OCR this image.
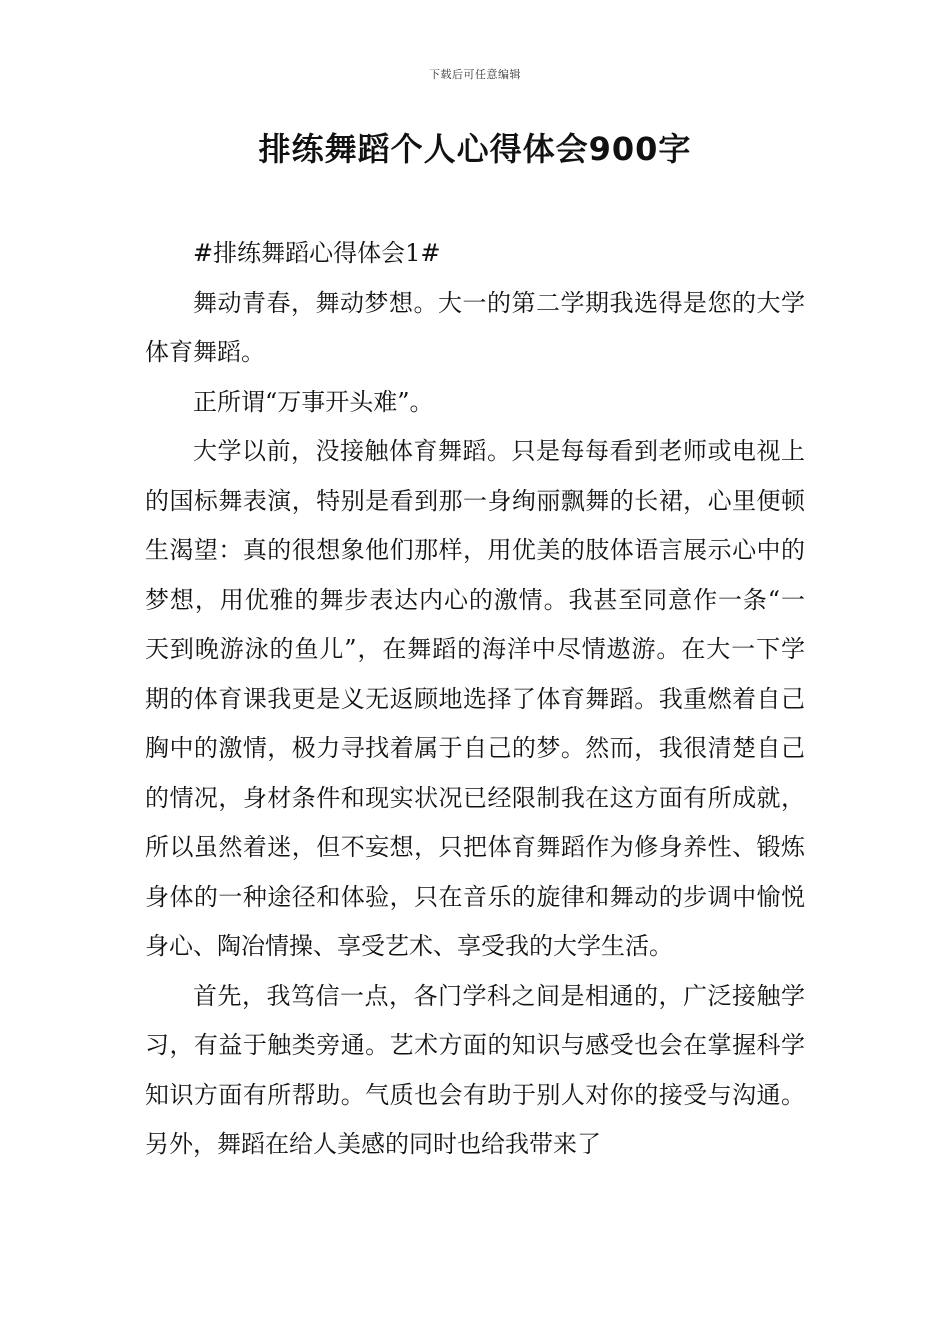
下载后可任意编辑
排练舞蹈个人心得体会900字

#排练舞蹈心得体会1#

舞动青春，舞动梦想。大一的第二学期我选得是您的大学体育舞蹈。

正所谓“万事开头难”。

大学以前，没接触体育舞蹈。只是每每看到老师或电视上的国标舞表演，特别是看到那一身绚丽飘舞的长裙，心里便顿生渴望：真的很想象他们那样，用优美的肢体语言展示心中的梦想，用优雅的舞步表达内心的激情。我甚至同意作一条“一天到晚游泳的鱼儿”，在舞蹈的海洋中尽情遨游。在大一下学期的体育课我更是义无返顾地选择了体育舞蹈。我重燃着自己胸中的激情，极力寻找着属于自己的梦。然而，我很清楚自己的情况，身材条件和现实状况已经限制我在这方面有所成就，所以虽然着迷，但不妄想，只把体育舞蹈作为修身养性、锻炼身体的一种途径和体验，只在音乐的旋律和舞动的步调中愉悦身心、陶冶情操、享受艺术、享受我的大学生活。

首先，我笃信一点，各门学科之间是相通的，广泛接触学习，有益于触类旁通。艺术方面的知识与感受也会在掌握科学知识方面有所帮助。气质也会有助于别人对你的接受与沟通。另外，舞蹈在给人美感的同时也给我带来了
